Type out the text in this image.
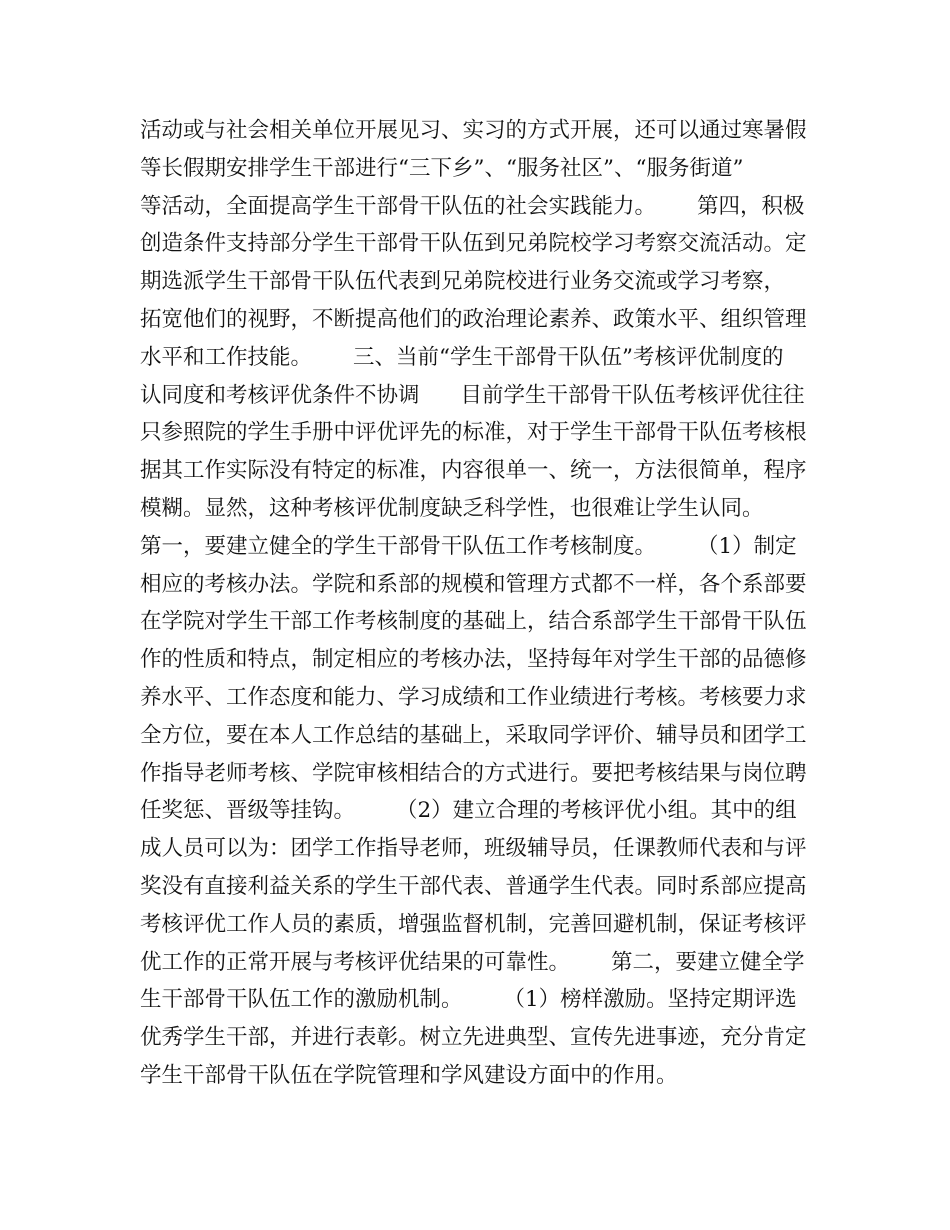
活动或与社会相关单位开展见习、实习的方式开展，还可以通过寒暑假
等长假期安排学生干部进行“三下乡”、“服务社区”、“服务街道”
等活动，全面提高学生干部骨干队伍的社会实践能力。      第四，积极
创造条件支持部分学生干部骨干队伍到兄弟院校学习考察交流活动。定
期选派学生干部骨干队伍代表到兄弟院校进行业务交流或学习考察，
拓宽他们的视野，不断提高他们的政治理论素养、政策水平、组织管理
水平和工作技能。      三、当前“学生干部骨干队伍”考核评优制度的
认同度和考核评优条件不协调      目前学生干部骨干队伍考核评优往往
只参照院的学生手册中评优评先的标准，对于学生干部骨干队伍考核根
据其工作实际没有特定的标准，内容很单一、统一，方法很简单，程序
模糊。显然，这种考核评优制度缺乏科学性，也很难让学生认同。
第一，要建立健全的学生干部骨干队伍工作考核制度。      （1）制定
相应的考核办法。学院和系部的规模和管理方式都不一样，各个系部要
在学院对学生干部工作考核制度的基础上，结合系部学生干部骨干队伍
作的性质和特点，制定相应的考核办法，坚持每年对学生干部的品德修
养水平、工作态度和能力、学习成绩和工作业绩进行考核。考核要力求
全方位，要在本人工作总结的基础上，采取同学评价、辅导员和团学工
作指导老师考核、学院审核相结合的方式进行。要把考核结果与岗位聘
任奖惩、晋级等挂钩。      （2）建立合理的考核评优小组。其中的组
成人员可以为：团学工作指导老师，班级辅导员，任课教师代表和与评
奖没有直接利益关系的学生干部代表、普通学生代表。同时系部应提高
考核评优工作人员的素质，增强监督机制，完善回避机制，保证考核评
优工作的正常开展与考核评优结果的可靠性。      第二，要建立健全学
生干部骨干队伍工作的激励机制。      （1）榜样激励。坚持定期评选
优秀学生干部，并进行表彰。树立先进典型、宣传先进事迹，充分肯定
学生干部骨干队伍在学院管理和学风建设方面中的作用。
